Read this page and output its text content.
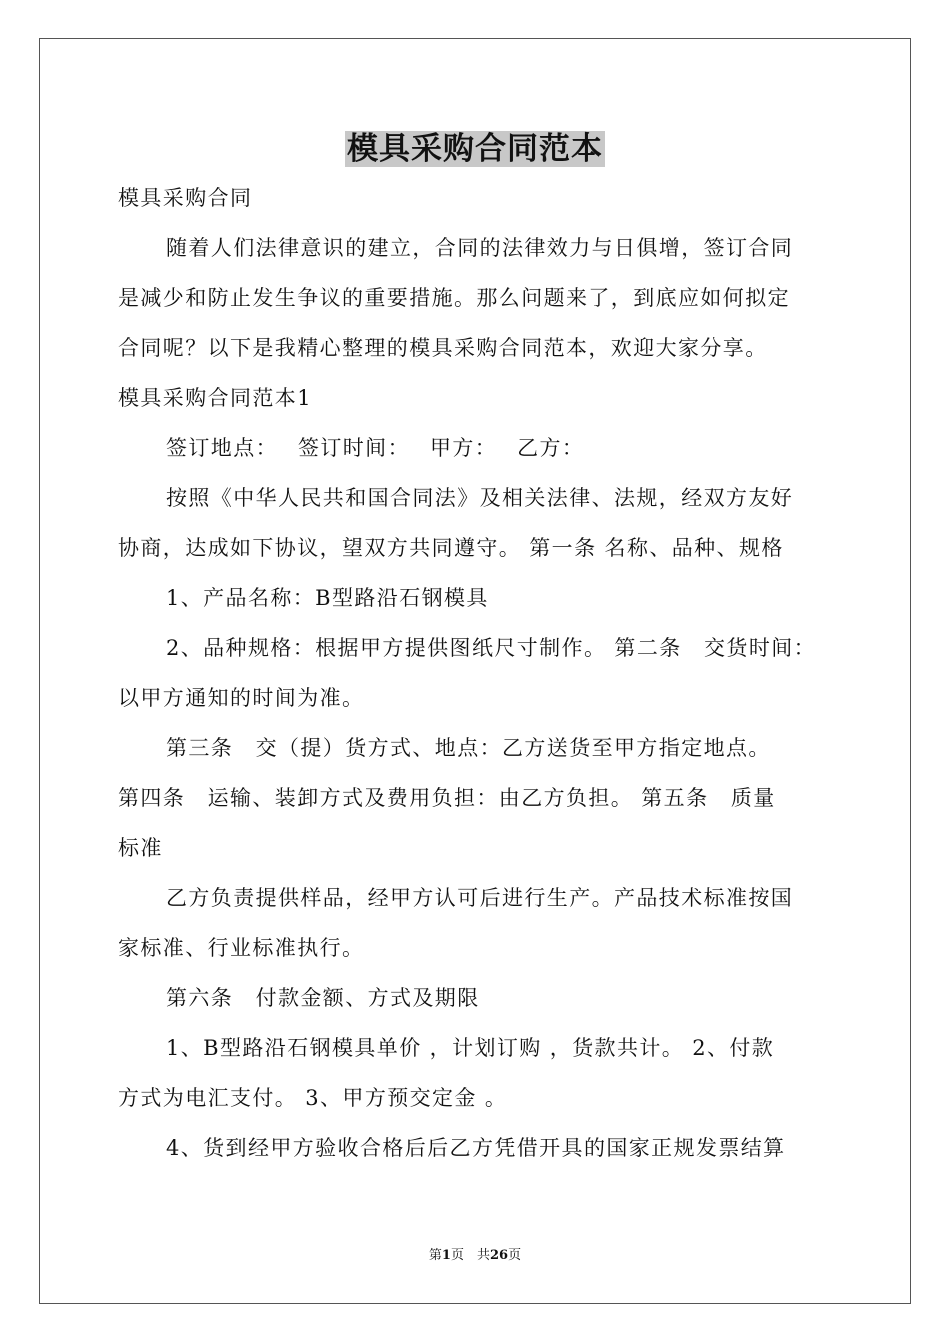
模具采购合同范本
模具采购合同
随着人们法律意识的建立，合同的法律效力与日俱增，签订合同
是减少和防止发生争议的重要措施。那么问题来了，到底应如何拟定
合同呢？以下是我精心整理的模具采购合同范本，欢迎大家分享。
模具采购合同范本1
签订地点：　 签订时间：　 甲方：　 乙方：
按照《中华人民共和国合同法》及相关法律、法规，经双方友好
协商，达成如下协议，望双方共同遵守。 第一条 名称、品种、规格
1、产品名称：B型路沿石钢模具
2、品种规格：根据甲方提供图纸尺寸制作。 第二条　交货时间：
以甲方通知的时间为准。
第三条　交（提）货方式、地点：乙方送货至甲方指定地点。
第四条　运输、装卸方式及费用负担：由乙方负担。 第五条　质量
标准
乙方负责提供样品，经甲方认可后进行生产。产品技术标准按国
家标准、行业标准执行。
第六条　付款金额、方式及期限
1、B型路沿石钢模具单价 ，计划订购 ，货款共计。 2、付款
方式为电汇支付。 3、甲方预交定金 。
4、货到经甲方验收合格后后乙方凭借开具的国家正规发票结算
第1页　共26页
